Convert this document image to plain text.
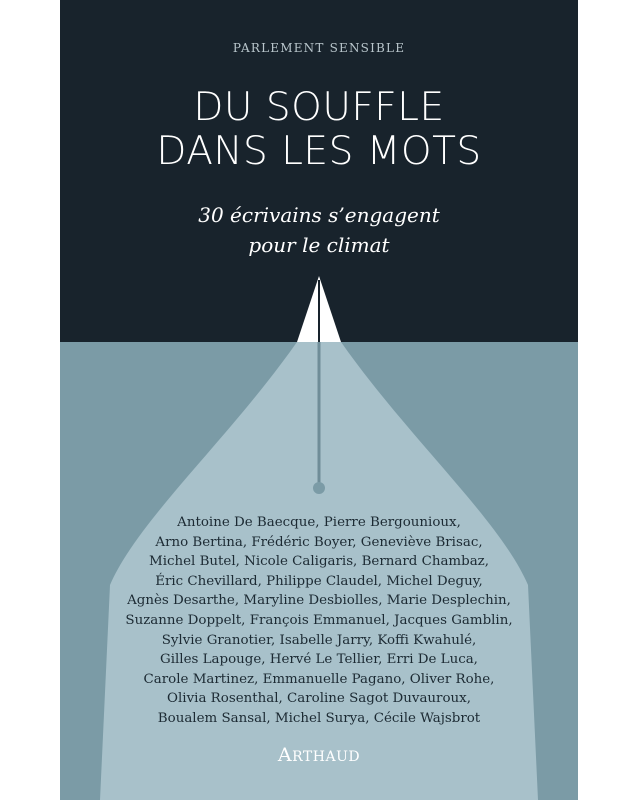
PARLEMENT SENSIBLE
DU SOUFFLE
DANS LES MOTS
30 écrivains s’engagent
pour le climat
Antoine De Baecque, Pierre Bergounioux,
Arno Bertina, Frédéric Boyer, Geneviève Brisac,
Michel Butel, Nicole Caligaris, Bernard Chambaz,
Éric Chevillard, Philippe Claudel, Michel Deguy,
Agnès Desarthe, Maryline Desbiolles, Marie Desplechin,
Suzanne Doppelt, François Emmanuel, Jacques Gamblin,
Sylvie Granotier, Isabelle Jarry, Koffi Kwahulé,
Gilles Lapouge, Hervé Le Tellier, Erri De Luca,
Carole Martinez, Emmanuelle Pagano, Oliver Rohe,
Olivia Rosenthal, Caroline Sagot Duvauroux,
Boualem Sansal, Michel Surya, Cécile Wajsbrot
ARTHAUD
